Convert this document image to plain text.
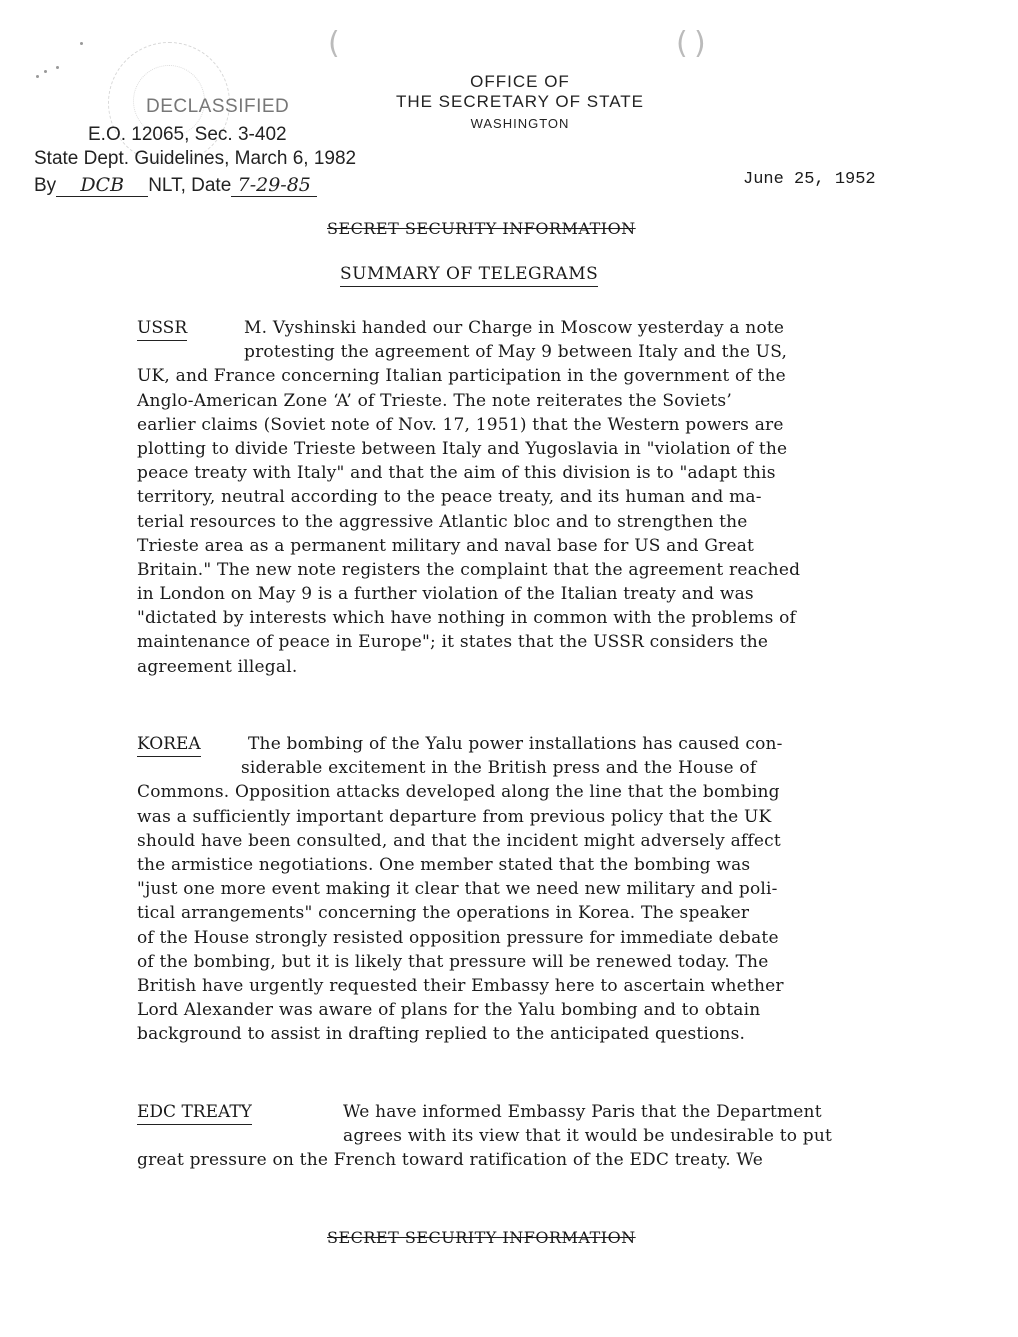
(	( )
DECLASSIFIED
E.O. 12065, Sec. 3-402
State Dept. Guidelines, March 6, 1982
By DCB NLT, Date 7-29-85
OFFICE OF
THE SECRETARY OF STATE
WASHINGTON
June 25, 1952
SECRET SECURITY INFORMATION
SUMMARY OF TELEGRAMS
USSR	M. Vyshinski handed our Charge in Moscow yesterday a note
protesting the agreement of May 9 between Italy and the US,
UK, and France concerning Italian participation in the government of the
Anglo-American Zone ‘A’ of Trieste. The note reiterates the Soviets’
earlier claims (Soviet note of Nov. 17, 1951) that the Western powers are
plotting to divide Trieste between Italy and Yugoslavia in "violation of the
peace treaty with Italy" and that the aim of this division is to "adapt this
territory, neutral according to the peace treaty, and its human and ma-
terial resources to the aggressive Atlantic bloc and to strengthen the
Trieste area as a permanent military and naval base for US and Great
Britain." The new note registers the complaint that the agreement reached
in London on May 9 is a further violation of the Italian treaty and was
"dictated by interests which have nothing in common with the problems of
maintenance of peace in Europe"; it states that the USSR considers the
agreement illegal.
KOREA	The bombing of the Yalu power installations has caused con-
siderable excitement in the British press and the House of
Commons. Opposition attacks developed along the line that the bombing
was a sufficiently important departure from previous policy that the UK
should have been consulted, and that the incident might adversely affect
the armistice negotiations. One member stated that the bombing was
"just one more event making it clear that we need new military and poli-
tical arrangements" concerning the operations in Korea. The speaker
of the House strongly resisted opposition pressure for immediate debate
of the bombing, but it is likely that pressure will be renewed today. The
British have urgently requested their Embassy here to ascertain whether
Lord Alexander was aware of plans for the Yalu bombing and to obtain
background to assist in drafting replied to the anticipated questions.
EDC TREATY	We have informed Embassy Paris that the Department
agrees with its view that it would be undesirable to put
great pressure on the French toward ratification of the EDC treaty. We
SECRET SECURITY INFORMATION
